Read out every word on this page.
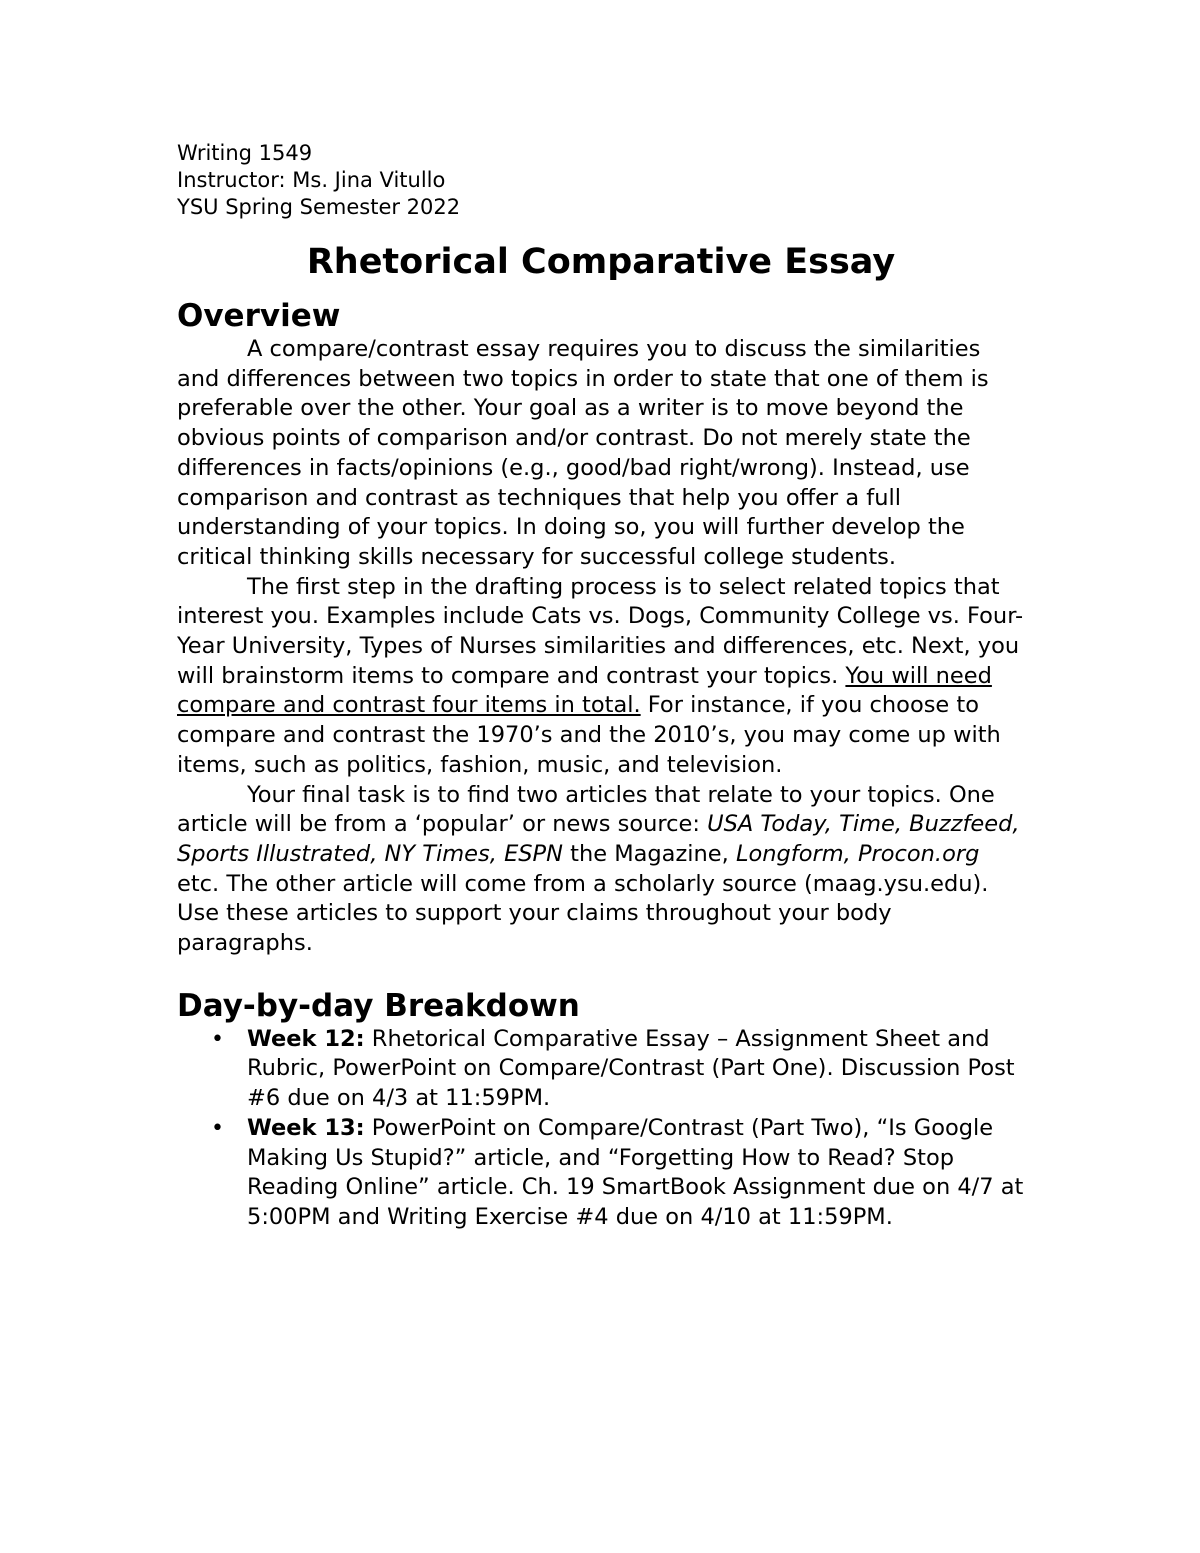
Writing 1549
Instructor: Ms. Jina Vitullo
YSU Spring Semester 2022
Rhetorical Comparative Essay
Overview

A compare/contrast essay requires you to discuss the similarities and differences between two topics in order to state that one of them is preferable over the other. Your goal as a writer is to move beyond the obvious points of comparison and/or contrast. Do not merely state the differences in facts/opinions (e.g., good/bad right/wrong). Instead, use comparison and contrast as techniques that help you offer a full understanding of your topics. In doing so, you will further develop the critical thinking skills necessary for successful college students.

The first step in the drafting process is to select related topics that interest you. Examples include Cats vs. Dogs, Community College vs. Four-Year University, Types of Nurses similarities and differences, etc. Next, you will brainstorm items to compare and contrast your topics. You will need compare and contrast four items in total. For instance, if you choose to compare and contrast the 1970’s and the 2010’s, you may come up with items, such as politics, fashion, music, and television.

Your final task is to find two articles that relate to your topics. One article will be from a ‘popular’ or news source: USA Today, Time, Buzzfeed, Sports Illustrated, NY Times, ESPN the Magazine, Longform, Procon.org etc. The other article will come from a scholarly source (maag.ysu.edu). Use these articles to support your claims throughout your body paragraphs.

Day-by-day Breakdown
• Week 12: Rhetorical Comparative Essay – Assignment Sheet and Rubric, PowerPoint on Compare/Contrast (Part One). Discussion Post #6 due on 4/3 at 11:59PM.
• Week 13: PowerPoint on Compare/Contrast (Part Two), “Is Google Making Us Stupid?” article, and “Forgetting How to Read? Stop Reading Online” article. Ch. 19 SmartBook Assignment due on 4/7 at 5:00PM and Writing Exercise #4 due on 4/10 at 11:59PM.
